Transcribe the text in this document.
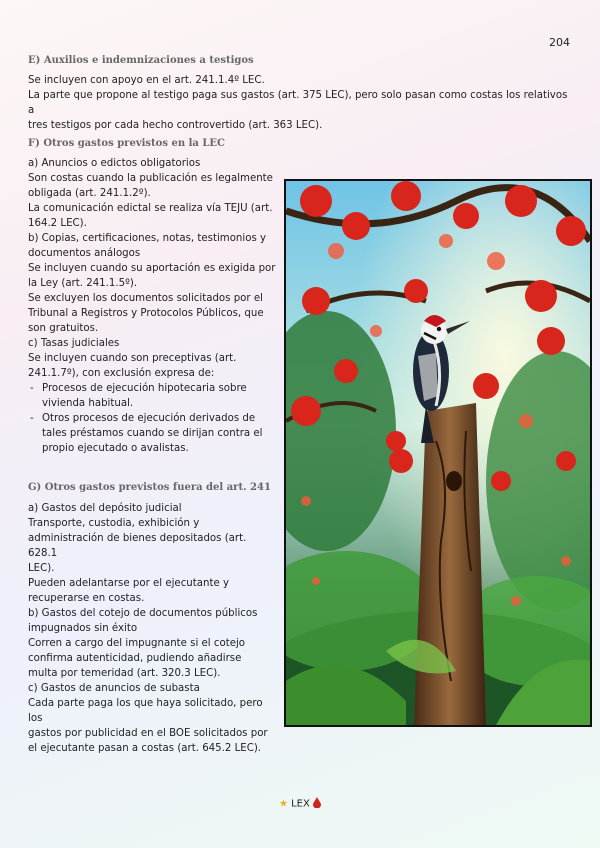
204
E) Auxilios e indemnizaciones a testigos
Se incluyen con apoyo en el art. 241.1.4º LEC.
La parte que propone al testigo paga sus gastos (art. 375 LEC), pero solo pasan como costas los relativos a
tres testigos por cada hecho controvertido (art. 363 LEC).
F) Otros gastos previstos en la LEC
a) Anuncios o edictos obligatorios
Son costas cuando la publicación es legalmente
obligada (art. 241.1.2º).
La comunicación edictal se realiza vía TEJU (art.
164.2 LEC).
b) Copias, certificaciones, notas, testimonios y
documentos análogos
Se incluyen cuando su aportación es exigida por
la Ley (art. 241.1.5º).
Se excluyen los documentos solicitados por el
Tribunal a Registros y Protocolos Públicos, que
son gratuitos.
c) Tasas judiciales
Se incluyen cuando son preceptivas (art.
241.1.7º), con exclusión expresa de:
- Procesos de ejecución hipotecaria sobre
vivienda habitual.
- Otros procesos de ejecución derivados de
tales préstamos cuando se dirijan contra el
propio ejecutado o avalistas.
G) Otros gastos previstos fuera del art. 241
a) Gastos del depósito judicial
Transporte, custodia, exhibición y
administración de bienes depositados (art. 628.1
LEC).
Pueden adelantarse por el ejecutante y
recuperarse en costas.
b) Gastos del cotejo de documentos públicos
impugnados sin éxito
Corren a cargo del impugnante si el cotejo
confirma autenticidad, pudiendo añadirse
multa por temeridad (art. 320.3 LEC).
c) Gastos de anuncios de subasta
Cada parte paga los que haya solicitado, pero los
gastos por publicidad en el BOE solicitados por
el ejecutante pasan a costas (art. 645.2 LEC).
★ LEX
